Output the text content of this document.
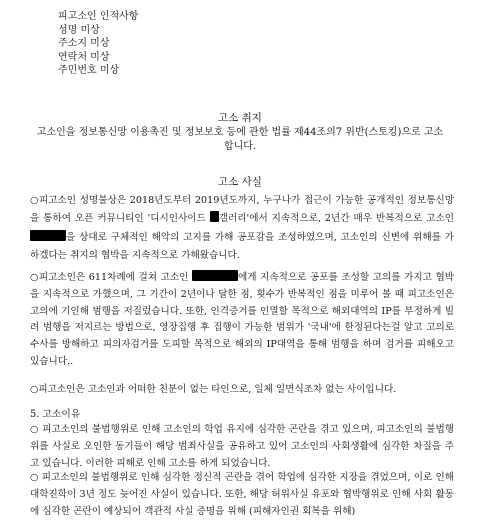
피고소인 인적사항
성명 미상
주소지 미상
연락처 미상
주민번호 미상
고소 취지
고소인을 정보통신망 이용촉진 및 정보보호 등에 관한 법률 제44조의7 위반(스토킹)으로 고소
합니다.
고소 사실
○피고소인 성명불상은 2018년도부터 2019년도까지, 누구나가 접근이 가능한 공개적인 정보통신망을 통하여 오픈 커뮤니티인 '디시인사이드 갤러리'에서 지속적으로, 2년간 매우 반복적으로 고소인 을 상대로 구체적인 해악의 고지를 가해 공포감을 조성하였으며, 고소인의 신변에 위해를 가하겠다는 취지의 협박을 지속적으로 가해왔습니다.
○피고소인은 611차례에 걸쳐 고소인	에게 지속적으로 공포를 조성할 고의를 가지고 협박을 지속적으로 가했으며, 그 기간이 2년이나 달한 점, 횟수가 반복적인 점을 미루어 볼 때 피고소인은 고의에 기인해 범행을 저질렀습니다. 또한, 인격증거를 인멸할 목적으로 해외대역의 IP를 부정하게 빌려 범행을 저지르는 방법으로, 영장집행 후 집행이 가능한 범위가 '국내'에 한정된다는걸 알고 고의로 수사를 방해하고 피의자검거를 도피할 목적으로 해외의 IP대역을 통해 범행을 하며 검거를 피해오고 있습니다..
○피고소인은 고소인과 어떠한 친분이 없는 타인으로, 일체 일면식조차 없는 사이입니다.
5. 고소이유
○ 피고소인의 불법행위로 인해 고소인의 학업 유지에 심각한 곤란을 겪고 있으며, 피고소인의 불법행위를 사실로 오인한 동기들이 해당 범죄사실을 공유하고 있어 고소인의 사회생활에 심각한 차질을 주고 있습니다. 이러한 피해로 인해 고소를 하게 되었습니다.
○ 피고소인의 불법행위로 인해 심각한 정신적 곤란을 겪어 학업에 심각한 지장을 겪었으며, 이로 인해 대학진학이 3년 정도 늦어진 사실이 있습니다. 또한, 해당 허위사실 유포와 협박행위로 인해 사회 활동에 심각한 곤란이 예상되어 객관적 사실 증명을 위해 (피해자인권 회복을 위해)
